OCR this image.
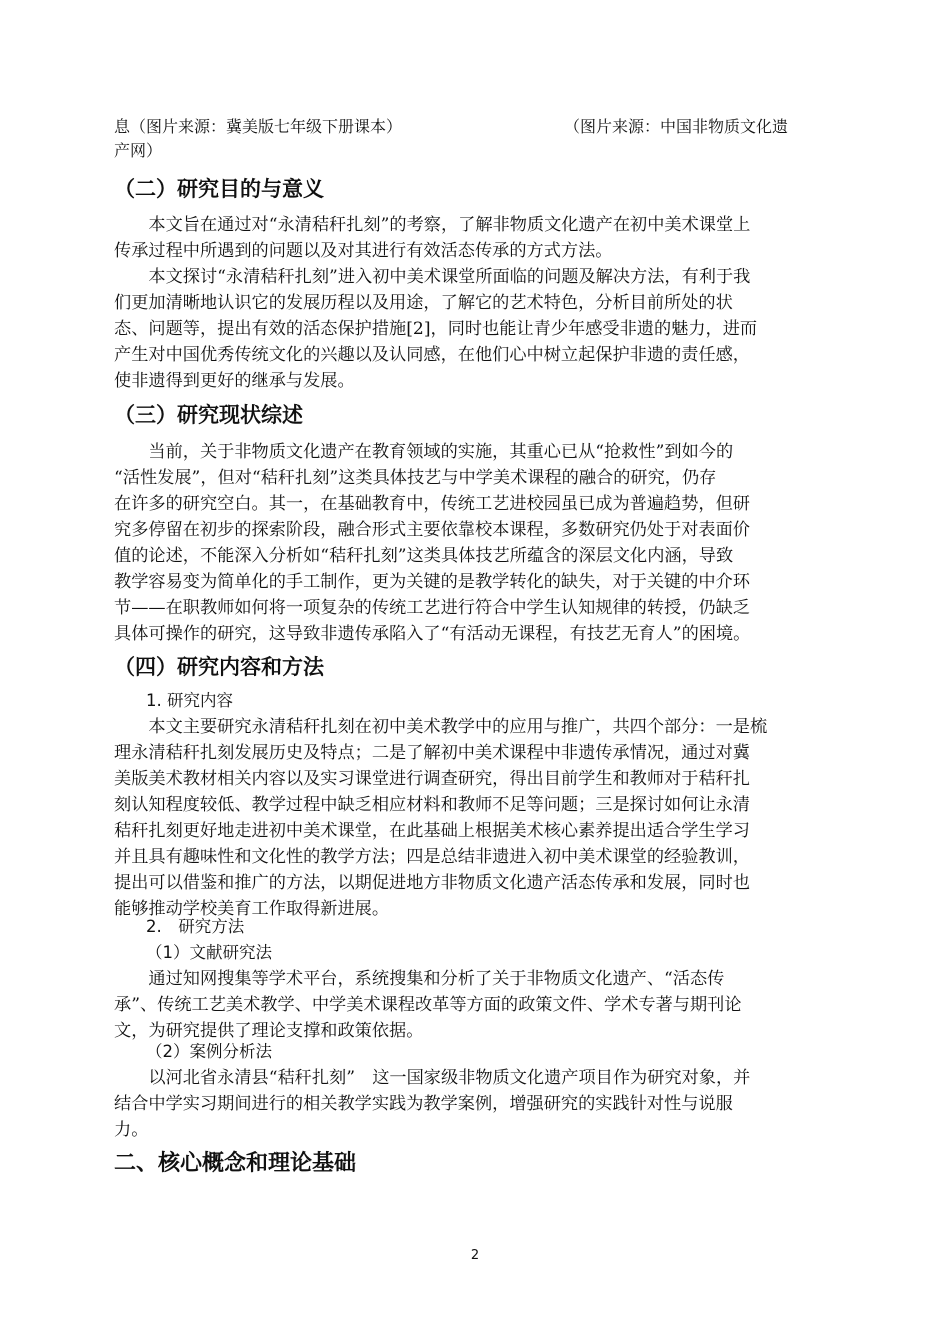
息（图片来源：冀美版七年级下册课本）	（图片来源：中国非物质文化遗
产网）
（二）研究目的与意义
　　本文旨在通过对“永清秸秆扎刻”的考察，了解非物质文化遗产在初中美术课堂上
传承过程中所遇到的问题以及对其进行有效活态传承的方式方法。
　　本文探讨“永清秸秆扎刻”进入初中美术课堂所面临的问题及解决方法，有利于我
们更加清晰地认识它的发展历程以及用途，了解它的艺术特色，分析目前所处的状
态、问题等，提出有效的活态保护措施[2]，同时也能让青少年感受非遗的魅力，进而
产生对中国优秀传统文化的兴趣以及认同感，在他们心中树立起保护非遗的责任感，
使非遗得到更好的继承与发展。
（三）研究现状综述
　　当前，关于非物质文化遗产在教育领域的实施，其重心已从“抢救性”到如今的
“活性发展”，但对“秸秆扎刻”这类具体技艺与中学美术课程的融合的研究，仍存
在许多的研究空白。其一，在基础教育中，传统工艺进校园虽已成为普遍趋势，但研
究多停留在初步的探索阶段，融合形式主要依靠校本课程，多数研究仍处于对表面价
值的论述，不能深入分析如“秸秆扎刻”这类具体技艺所蕴含的深层文化内涵，导致
教学容易变为简单化的手工制作，更为关键的是教学转化的缺失，对于关键的中介环
节——在职教师如何将一项复杂的传统工艺进行符合中学生认知规律的转授，仍缺乏
具体可操作的研究，这导致非遗传承陷入了“有活动无课程，有技艺无育人”的困境。
（四）研究内容和方法
1. 研究内容
　　本文主要研究永清秸秆扎刻在初中美术教学中的应用与推广，共四个部分：一是梳
理永清秸秆扎刻发展历史及特点；二是了解初中美术课程中非遗传承情况，通过对冀
美版美术教材相关内容以及实习课堂进行调查研究，得出目前学生和教师对于秸秆扎
刻认知程度较低、教学过程中缺乏相应材料和教师不足等问题；三是探讨如何让永清
秸秆扎刻更好地走进初中美术课堂，在此基础上根据美术核心素养提出适合学生学习
并且具有趣味性和文化性的教学方法；四是总结非遗进入初中美术课堂的经验教训，
提出可以借鉴和推广的方法，以期促进地方非物质文化遗产活态传承和发展，同时也
能够推动学校美育工作取得新进展。
2.　研究方法
（1）文献研究法
　　通过知网搜集等学术平台，系统搜集和分析了关于非物质文化遗产、“活态传
承”、传统工艺美术教学、中学美术课程改革等方面的政策文件、学术专著与期刊论
文，为研究提供了理论支撑和政策依据。
（2）案例分析法
　　以河北省永清县“秸秆扎刻”　这一国家级非物质文化遗产项目作为研究对象，并
结合中学实习期间进行的相关教学实践为教学案例，增强研究的实践针对性与说服
力。
二、核心概念和理论基础
2
